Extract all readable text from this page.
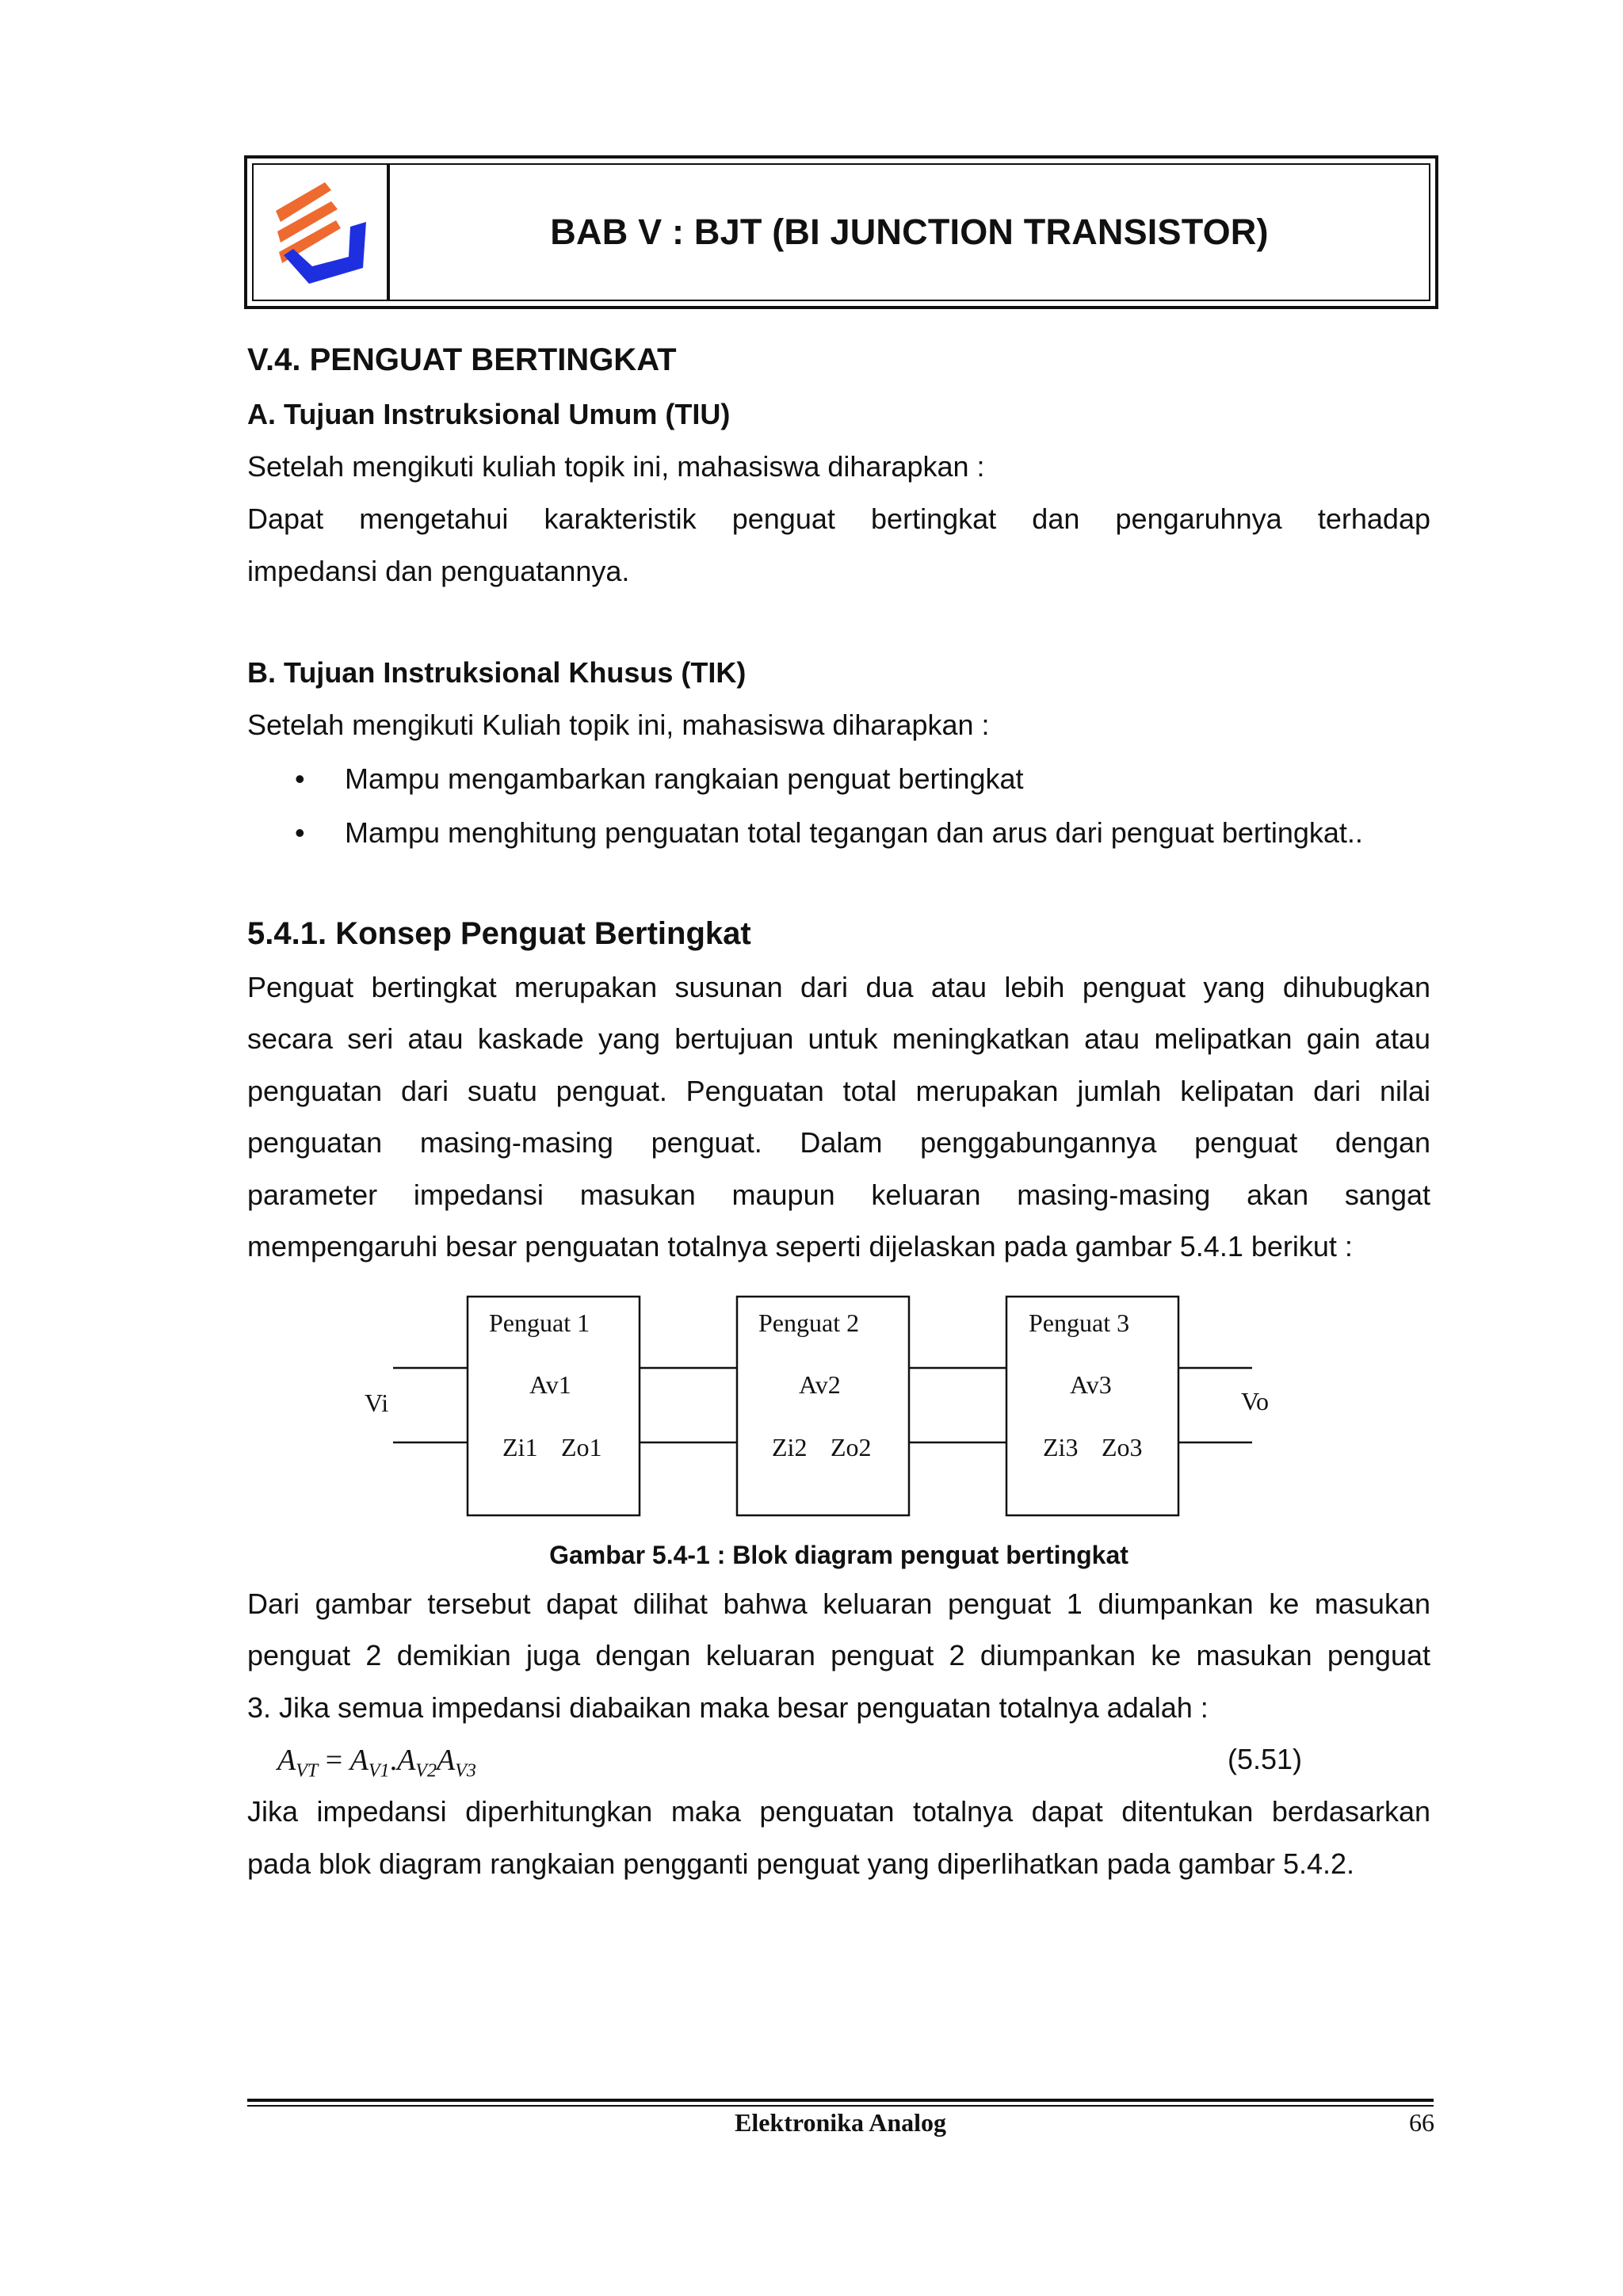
BAB V : BJT (BI JUNCTION TRANSISTOR)
V.4. PENGUAT BERTINGKAT
A. Tujuan Instruksional Umum (TIU)
Setelah mengikuti kuliah topik ini, mahasiswa diharapkan :
Dapat mengetahui karakteristik penguat bertingkat dan pengaruhnya terhadap
impedansi dan penguatannya.
B. Tujuan Instruksional Khusus (TIK)
Setelah mengikuti Kuliah topik ini, mahasiswa diharapkan :
• Mampu mengambarkan rangkaian penguat bertingkat
• Mampu menghitung penguatan total tegangan dan arus dari penguat bertingkat..
5.4.1. Konsep Penguat Bertingkat
Penguat bertingkat merupakan susunan dari dua atau lebih penguat yang dihubugkan
secara seri atau kaskade yang bertujuan untuk meningkatkan atau melipatkan gain atau
penguatan dari suatu penguat. Penguatan total merupakan jumlah kelipatan dari nilai
penguatan masing-masing penguat. Dalam penggabungannya penguat dengan
parameter impedansi masukan maupun keluaran masing-masing akan sangat
mempengaruhi besar penguatan totalnya seperti dijelaskan pada gambar 5.4.1 berikut :
Vi	Vo
Penguat 1
Av1
Zi1 Zo1
Penguat 2
Av2
Zi2 Zo2
Penguat 3
Av3
Zi3 Zo3
Gambar 5.4-1 : Blok diagram penguat bertingkat
Dari gambar tersebut dapat dilihat bahwa keluaran penguat 1 diumpankan ke masukan
penguat 2 demikian juga dengan keluaran penguat 2 diumpankan ke masukan penguat
3. Jika semua impedansi diabaikan maka besar penguatan totalnya adalah :
$A_{VT} = A_{V1}.A_{V2}A_{V3}$	(5.51)
Jika impedansi diperhitungkan maka penguatan totalnya dapat ditentukan berdasarkan
pada blok diagram rangkaian pengganti penguat yang diperlihatkan pada gambar 5.4.2.
Elektronika Analog	66
